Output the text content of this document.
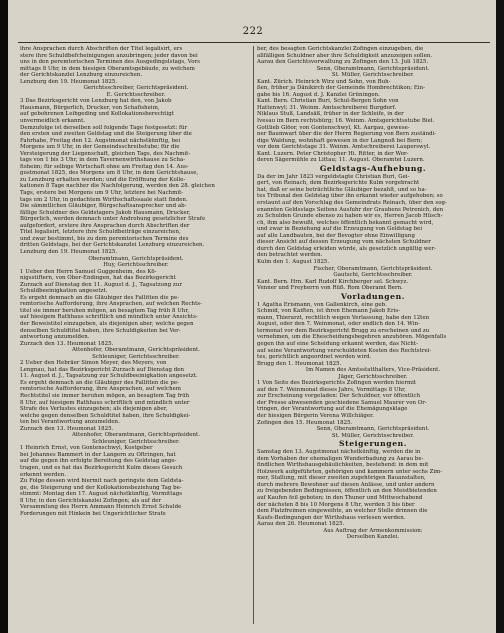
222
ihre Ansprachen durch Abschriften der Titel legalisirt, ers
stere ihre Schuldbefcheinigungen anzubringen; jeder davon bei
uns in den peremtorischen Terminen des Ausgedingslstags, Vors
mittags 8 Uhr, in dem hiesigen Oberamtsgebäude, zu welchem
der Gerichtskanzlei Lenzburg einzureichen.
Lenzburg den 19. Heumonat 1825.
Gerichtsschreiber, Gerichtspräsident.
E. Gerichtsschreiber.
3 Das Bezirksgericht von Lenzburg hat den, von Jakob
Hausmann, Bürgerlich, Drucker, von Schafisheim,
auf gebohrenen Leibgeding und Kollokationsberechtigt
unvermeidlich erkannt.
Demzufolge ist derselben soll folgende Tage festgesetzt: für
den ersten und zweiten Geldstag und die Steigerung über die
Fahrhabe, Freitag den 12. Augstmonat nächstkünftig, bei
Morgens um 9 Uhr, in der Gemeindsschreibstube; für die
Versteigerung der Liegenschaft, gleichen Tags, des Nachmit-
tags von 1 bis 3 Uhr, in dem Tavernenwirthshause zu Scha-
fisheim; für selbige Wirtschaft ohne am Freitag den 14. Aus-
gustmonat 1825, des Morgens um 8 Uhr, in dem Gerichtshause,
zu Lenzburg erhalten werden; und die Eröffnung der Kolle-
kationen 8 Tage nachher die Nachfolgerung, werden den 28. gleichen
Tags, erstere bei Morgens um 9 Uhr, letztere bei Nachmit-
tags um 2 Uhr, in gedachtem Wirthschaftssaale statt finden.
Die sämmtlichen Gläubiger, Bürgschaftsansprecher und ab-
fällige Schuldner des Geldstagers Jakob Hausmann, Drucker,
Bürgerlich, werden demnach unter Androhung gesetzlicher Strafe
aufgefordert, erstere ihre Ansprachen durch Abschriften der
Titel legalisirt, letztere ihre Schuldbeiträge einzureichen,
und zwar bestimmt, bis zu dem peremtorischen Termine des
dritten Geldstags, bei der Gerichtskanzlei Lenzburg einzureichen.
Lenzburg den 19. Heumonat 1825.
Oberamtmann, Gerichtspräsident.
Huy, Gerichtsschreiber.
1 Ueber den Herrn Samuel Guggenheim, des Kö-
nigsstiftern, von Ober-Endingen, hat das Bezirksgericht
Zurzach auf Dienstag den 11. August d. J., Tagsatzung zur
Schuldbeeinigkation angesetzt.
Es ergeht demnach an die Gläubiger des Fallitten die pe-
remtorische Aufforderung, ihre Ansprachen, auf welchen Rechts-
titel sie immer beruhen mögen, an besagtem Tag früh 8 Uhr,
auf hiesigem Rathhaus schriftlich und mündlich unter Ansichts-
der Beweistitel einzugeben, als diejenigen aber, welche gegen
denselben Schuldtitel haben, ihre Schuldigkeiten bei Ver-
antwortung anzumelden.
Zurzach den 13. Heumonat 1825.
Attenhofer, Oberamtmann, Gerichtspräsident.
Schleuniger, Gerichtsschreiber.
2 Ueber den Hebräer Simon Meyer, des Meyers, von
Lengnau, hat das Bezirksgericht Zurzach auf Dienstag den
11. August d. J., Tagsatzung zur Schuldbeeinigkation angesetzt.
Es ergeht demnach an die Gläubiger des Fallitten die pe-
remtorische Aufforderung, ihre Ansprachen, auf welchem
Rechtstitel sie immer beruhen mögen, an besagtem Tag früh
8 Uhr, auf hiesigem Rathhaus schriftlich und mündlich unter
Strafe des Verlustes einzugeben; als diejenigen aber,
welche gegen denselben Schuldtitel haben, ihre Schuldigkei-
ten bei Verantwortung anzumelden.
Zurzach den 13. Heumonat 1825.
Attenhofer, Oberamtmann, Gerichtspräsident.
Schleuniger, Gerichtsschreiber.
1 Heinrich Ernst, von Gontenschwyl, Kostgeber
bei Johannes Bammert in der Langern zu Oftringen, hat
auf die gegen ihn erfolgte Bereitung des Geldstag ange-
tragen, und es hat das Bezirksgericht Kulm dieses Gesuch
erkennt werden.
Zu Folge dessen wird hiermit nach geringste dem Geldsta-
ge, die Steigerung und der Kollokationsbeziehung Tag be-
stimmt: Montag den 17. August nächstkünftig, Vormittags
8 Uhr, in den Gerichtskanzlei Zofingen; als auf der
Versammlung des Herrn Ammann Heinrich Ernst Schulde
Forderungen mit Hinkein bei Ungerichtlicher Strafe
ber, des besagten Gerichtskanzlei Zofingen einzugeben, die
allfälligen Schuldner aber ihre Schuldigkeit anzuzeigen sollen.
Aarau den Gerichtsvorwaltung zu Zofingen den 13. Juli 1825.
Senn, Oberamtmann, Gerichtspräsident.
St. Müller, Gerichtsschreiber.
Kant. Zürich. Heinrich Wirz und Sohn, von Buh-
ßen, früher ja Dänikirch der Gemeinde Hombrechtikon; Ein-
gabe bis 16. August d. J. Kanzlei Grüningen.
Kant. Bern. Christian Buri, Schul-Bergen Sohn von
Hattenwyl; 31. Weinm. Amtsschreiberei Burgdorf.
Niklaus Stuß, Landsäß, früher in der Schleife, in der
Ivesau im Bern rechtsbürg; 16. Weinm. Amtsgerichtsstube Biel.
Gottlieb Glöor, von Gontenschwyl, Kt. Aargau, gewese-
ner Baumwart über die der Herrn Regierung von Bern zuständi-
dige Waldung, wohnhaft gewesen in der Langnoß bei Bern;
vor dem Gerichtstage 31. Weinm. Amtschreiberei Lauperswyl.
Kant. Luzern. Peter Christopher Hi. Ritter, in der Wor-
deren Sägermühle zu Littau; 11. August. Oberamtei Luzern.
Geldstags-Aufhebung.
Da der im Jahr 1823 vergeldstagte Christian Buri, Gei-
gert, von Reinach, dem Bezirksgerichte Kulm vorgebracht
hat, daß er seine beträchtliche Gläubiger bezahlt, und so ha-
tes Tribunal den Geldstag über ihn erkannt wieder aufgehoben; so
erstaunt auf den Vorschlag des Gemeindrats Reinach, über den sog-
enannten Geldsstags Seitens Ausfuhr der Graubens Petrenich, den
zu Schulden Grunde ebenso zu haben wir es, Herren Jacob Hüsch-
ch, ihm also bewußt, welches öffentlich bekannt gemacht wird,
und zwar in Beziehung auf die Erzeugung von Geldstag bei
auf alle Landbauten, bei der Bevogter ohne Einwilligung
dieser Ansicht auf dessen Erzeugung vom nächsten Schuldner
durch den Geldstag erleiden würde, als gesetzlich ungültig wer-
den betrachtet werden.
Kulm den 1. August 1825.
Fischer, Oberamtmann, Gerichtspräsident.
Gautschi, Gerichtsschreiber.
Kant. Bern. Hrn. Karl Rudolf Kirchberger sel. Schwyz.
Venner und Freyherrn von Rüß. Rom Oberamt Bern.
Vorladungen.
1 Agatha Erismann, von Gallenkirch, eine geb.
Schmid, von Kaiften, ist ihren Ehemann Jakob Eris-
mann, Thierarzt, rechtlich wegen Verlassung, habe den 12ten
August, oder den 7. Weinmonat, oder endlich den 14. Win-
termonat vor dem Bezirksgericht Brugg zu erscheinen und zu
vernehmen, um die Ehescheidungsbegehren anzuhören. Mögenfalls
gegen ihn auf eine Scheidung erkannt werden, das Nicht-
auf seine Verantwortung verschuldeten Kosten des Rechtstrei-
tes, gerichtlich angeordnet werden wird.
Brugg den 1. Heumonat 1825.
Im Namen des Amtsstatthalters, Vice-Präsident.
Jäger, Gerichtsschreiber.
1 Von Seite des Bezirksgerichts Zofingen werden hiermit
auf den 7. Weinmonat dieses Jahrs, Vormittags 8 Uhr,
zur Erscheinung vorgeladen: Der Schuldner, vor öffentlich
der Presse abwesenden geschiedene Samuel Maurer von Or-
tringen, der Verantwortung auf die Ehemägungsklage
der hiesigen Bürgerin Verena Willchiäger.
Zofingen den 15. Heumonat 1825.
Senn, Oberamtmann, Gerichtspräsident.
St. Müller, Gerichtsschreiber.
Steigerungen.
Samstag den 13. Augstmonat nächstkünftig, werden die in
dem Vorhaben der ehemaligen Wunderbadung zu Aarau be-
findlichen Wirthshausgebäulichkeiten, bestehend: in dem mit
Holzwerk aufgeführten, gehörigen und kammern unter sechs Zim-
mer, Stallung, mit dieser zweiten zugehörigen Bauanstalten,
durch mehrere Bewohner auf diesen Anlässe, und unter andern
zu freigebenden Bedingnissen, öffentlich an den Meistbietenden
auf Kaufen feil geboten; in den Thuner und Mittwochabend
der nächsten 8 bis 10 Morgens 8 Uhr, werden 3 bis über
dem Platzfreimen eingeweihte, an welcher Stelle drinnen die
Kaufs-Bedingungen der Wirthshaus verlesen werden.
Aarau den 26. Heumonat 1825.
Aus Auftrag der Armenkommission:
Derselben Kanzlei.
